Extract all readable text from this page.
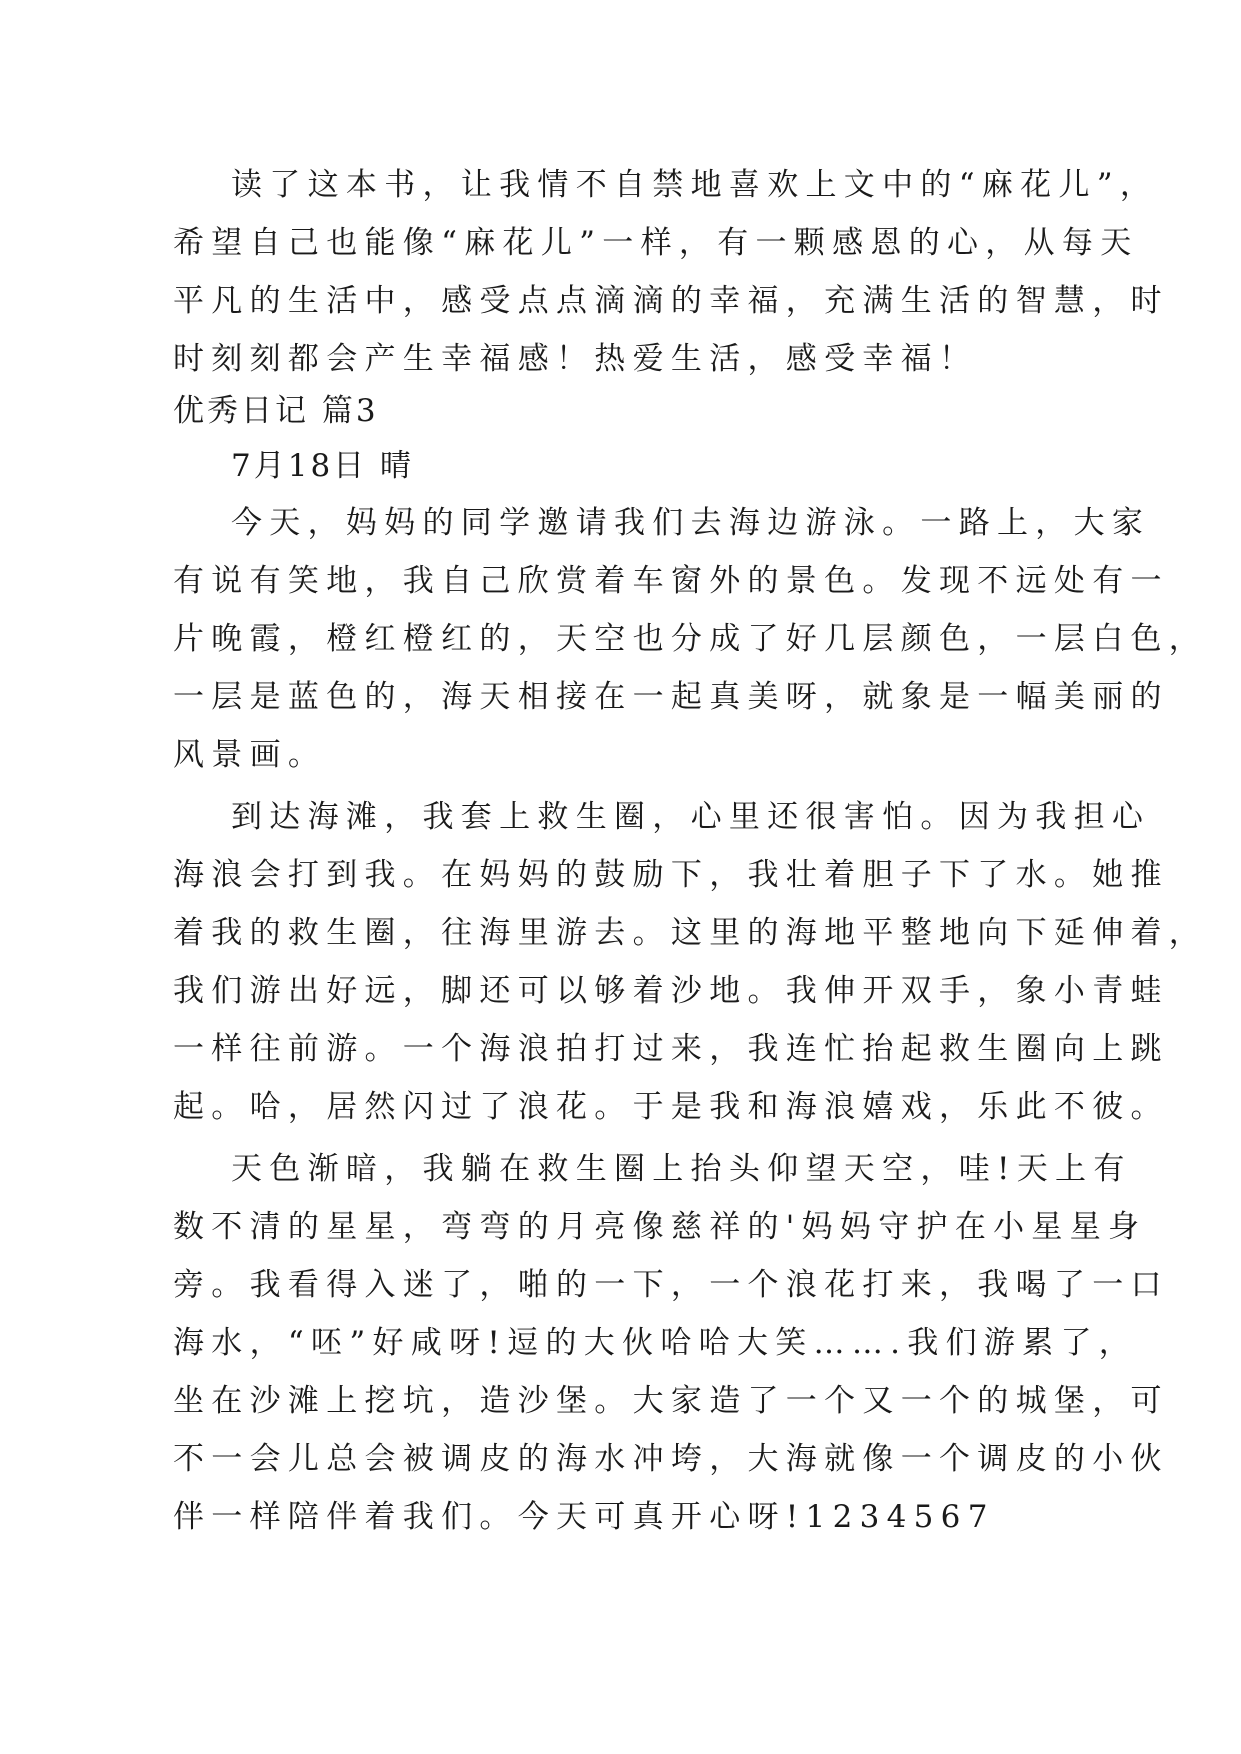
读了这本书，让我情不自禁地喜欢上文中的“麻花儿”，
希望自己也能像“麻花儿”一样，有一颗感恩的心，从每天
平凡的生活中，感受点点滴滴的幸福，充满生活的智慧，时
时刻刻都会产生幸福感！热爱生活，感受幸福！
优秀日记 篇3
7月18日 晴
今天，妈妈的同学邀请我们去海边游泳。一路上，大家
有说有笑地，我自己欣赏着车窗外的景色。发现不远处有一
片晚霞，橙红橙红的，天空也分成了好几层颜色，一层白色，
一层是蓝色的，海天相接在一起真美呀，就象是一幅美丽的
风景画。
到达海滩，我套上救生圈，心里还很害怕。因为我担心
海浪会打到我。在妈妈的鼓励下，我壮着胆子下了水。她推
着我的救生圈，往海里游去。这里的海地平整地向下延伸着，
我们游出好远，脚还可以够着沙地。我伸开双手，象小青蛙
一样往前游。一个海浪拍打过来，我连忙抬起救生圈向上跳
起。哈，居然闪过了浪花。于是我和海浪嬉戏，乐此不彼。
天色渐暗，我躺在救生圈上抬头仰望天空，哇!天上有
数不清的星星，弯弯的月亮像慈祥的'妈妈守护在小星星身
旁。我看得入迷了，啪的一下，一个浪花打来，我喝了一口
海水，“呸”好咸呀!逗的大伙哈哈大笑…….我们游累了，
坐在沙滩上挖坑，造沙堡。大家造了一个又一个的城堡，可
不一会儿总会被调皮的海水冲垮，大海就像一个调皮的小伙
伴一样陪伴着我们。今天可真开心呀!1234567
